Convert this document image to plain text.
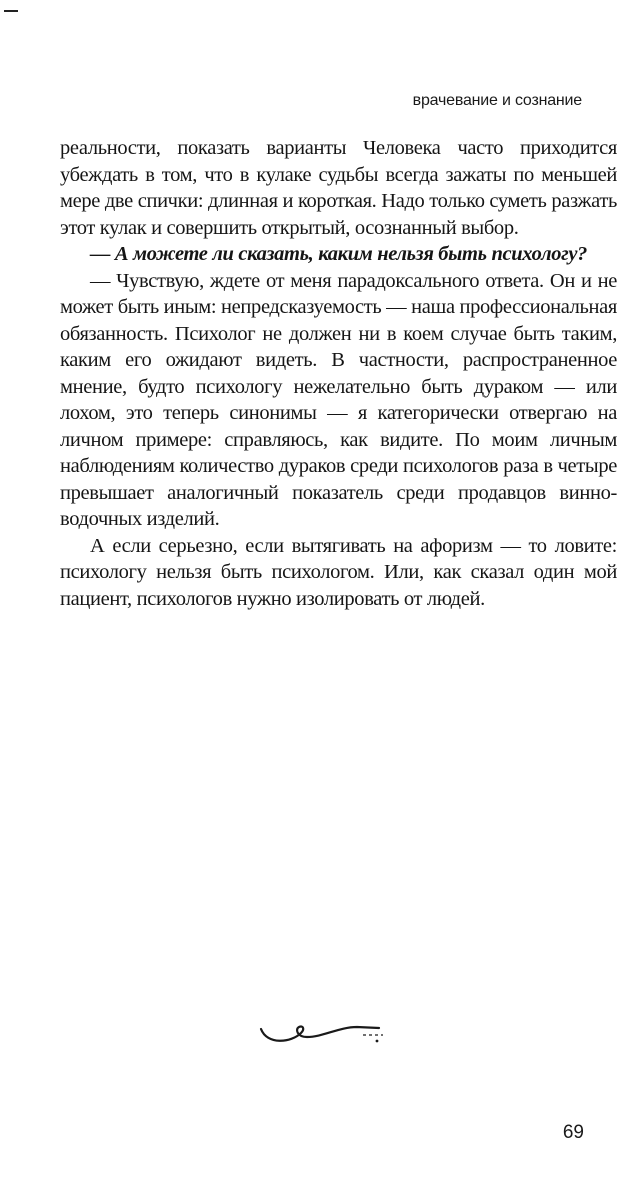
врачевание и сознание

реальности, показать варианты Человека часто приходится убеждать в том, что в кулаке судьбы всегда зажаты по меньшей мере две спички: длинная и короткая. Надо только суметь разжать этот кулак и совершить открытый, осознанный выбор.

— А можете ли сказать, каким нельзя быть психологу?

— Чувствую, ждете от меня парадоксального ответа. Он и не может быть иным: непредсказуемость — наша профессиональная обязанность. Психолог не должен ни в коем случае быть таким, каким его ожидают видеть. В частности, распространенное мнение, будто психологу нежелательно быть дураком — или лохом, это теперь синонимы — я категорически отвергаю на личном примере: справляюсь, как видите. По моим личным наблюдениям количество дураков среди психологов раза в четыре превышает аналогичный показатель среди продавцов винно-водочных изделий.

А если серьезно, если вытягивать на афоризм — то ловите: психологу нельзя быть психологом. Или, как сказал один мой пациент, психологов нужно изолировать от людей.

69
